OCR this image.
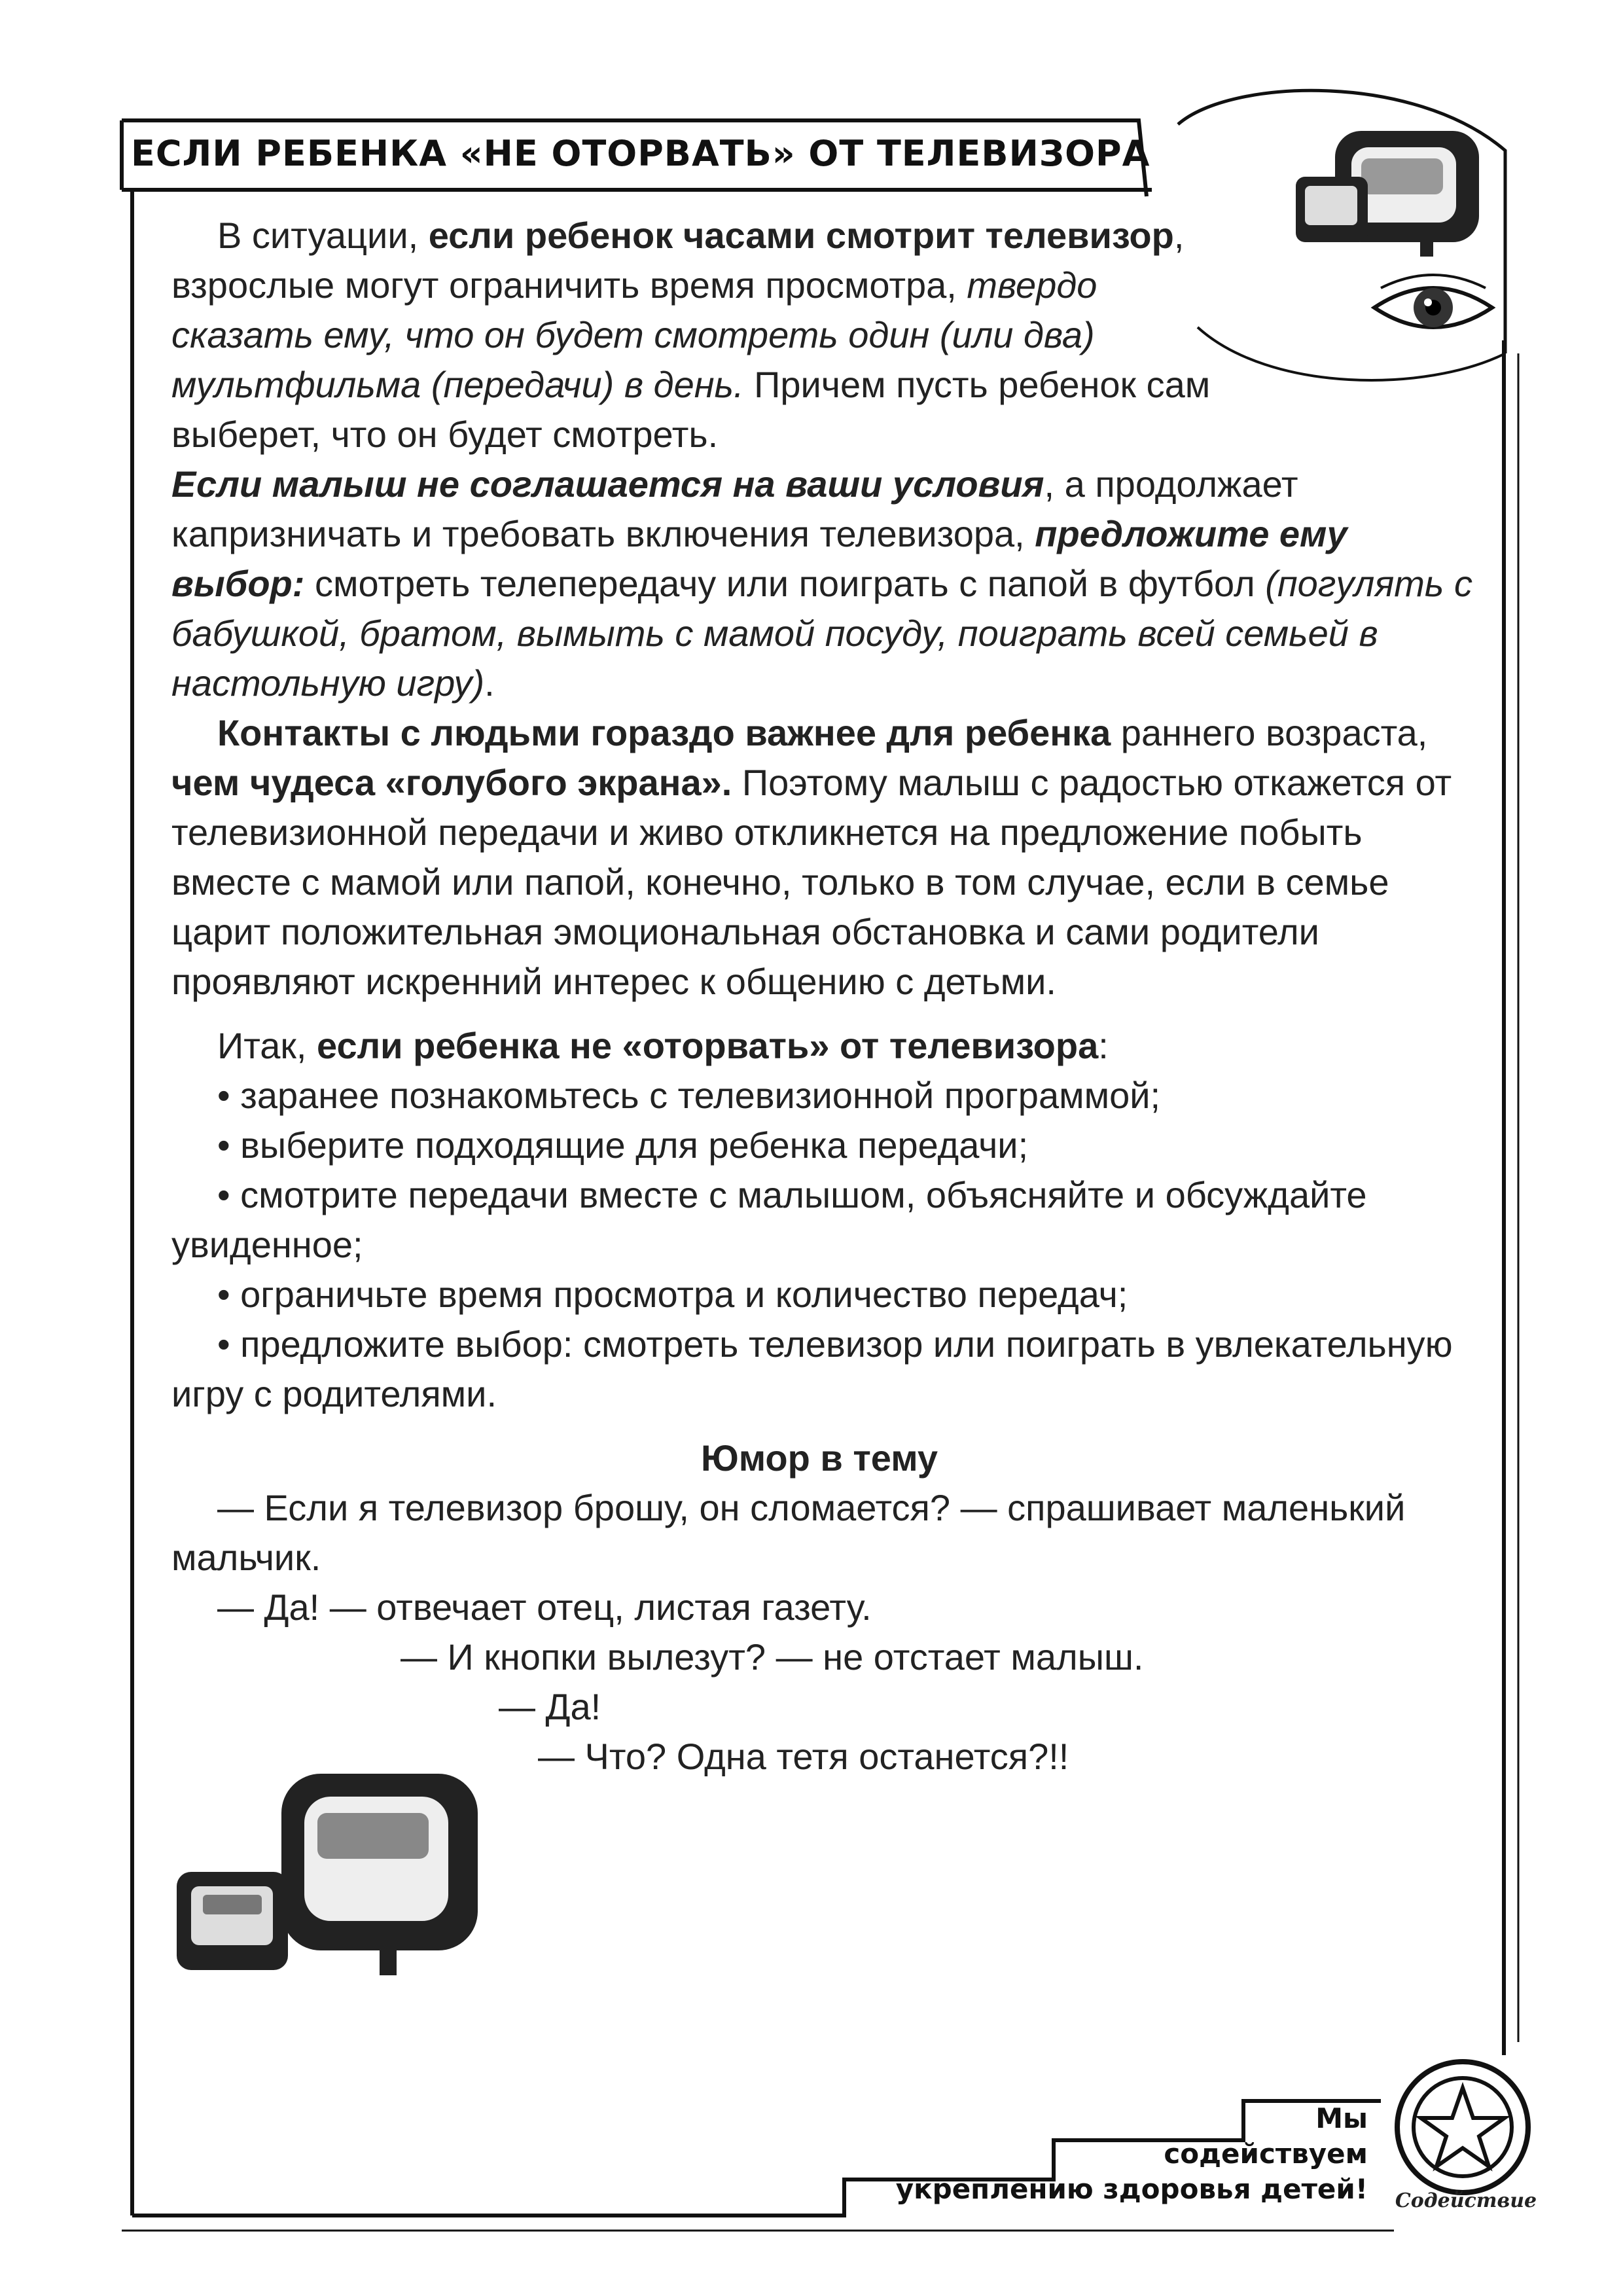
ЕСЛИ РЕБЕНКА «НЕ ОТОРВАТЬ» ОТ ТЕЛЕВИЗОРА

В ситуации, если ребенок часами смотрит телевизор, взрослые могут ограничить время просмотра, твердо сказать ему, что он будет смотреть один (или два) мультфильма (передачи) в день. Причем пусть ребенок сам выберет, что он будет смотреть.

Если малыш не соглашается на ваши условия, а продолжает капризничать и требовать включения телевизора, предложите ему выбор: смотреть телепередачу или поиграть с папой в футбол (погулять с бабушкой, братом, вымыть с мамой посуду, поиграть всей семьей в настольную игру).

Контакты с людьми гораздо важнее для ребенка раннего возраста, чем чудеса «голубого экрана». Поэтому малыш с радостью откажется от телевизионной передачи и живо откликнется на предложение побыть вместе с мамой или папой, конечно, только в том случае, если в семье царит положительная эмоциональная обстановка и сами родители проявляют искренний интерес к общению с детьми.

Итак, если ребенка не «оторвать» от телевизора:

• заранее познакомьтесь с телевизионной программой;

• выберите подходящие для ребенка передачи;

• смотрите передачи вместе с малышом, объясняйте и обсуждайте увиденное;

• ограничьте время просмотра и количество передач;

• предложите выбор: смотреть телевизор или поиграть в увлекательную игру с родителями.

Юмор в тему

— Если я телевизор брошу, он сломается? — спрашивает маленький мальчик.

— Да! — отвечает отец, листая газету.

— И кнопки вылезут? — не отстает малыш.

— Да!

— Что? Одна тетя останется?!!

Мы
содействуем
укреплению здоровья детей! Содействие
